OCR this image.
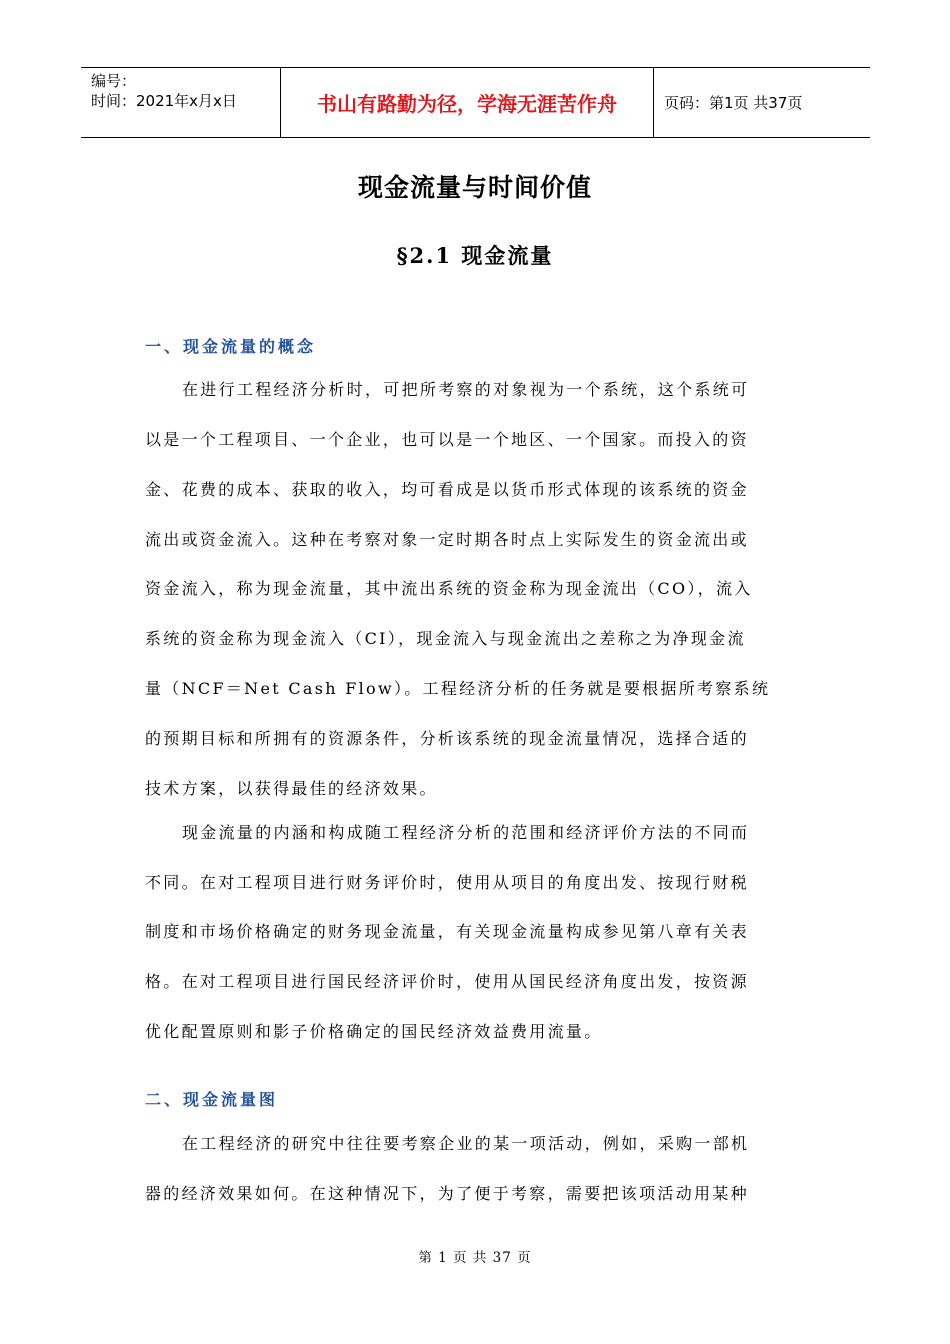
编号：
时间：2021年x月x日	书山有路勤为径，学海无涯苦作舟	页码：第1页 共37页
现金流量与时间价值
§2.1 现金流量
一、现金流量的概念
在进行工程经济分析时，可把所考察的对象视为一个系统，这个系统可
以是一个工程项目、一个企业，也可以是一个地区、一个国家。而投入的资
金、花费的成本、获取的收入，均可看成是以货币形式体现的该系统的资金
流出或资金流入。这种在考察对象一定时期各时点上实际发生的资金流出或
资金流入，称为现金流量，其中流出系统的资金称为现金流出（CO），流入
系统的资金称为现金流入（CI），现金流入与现金流出之差称之为净现金流
量（NCF＝Net Cash Flow）。工程经济分析的任务就是要根据所考察系统
的预期目标和所拥有的资源条件，分析该系统的现金流量情况，选择合适的
技术方案，以获得最佳的经济效果。
现金流量的内涵和构成随工程经济分析的范围和经济评价方法的不同而
不同。在对工程项目进行财务评价时，使用从项目的角度出发、按现行财税
制度和市场价格确定的财务现金流量，有关现金流量构成参见第八章有关表
格。在对工程项目进行国民经济评价时，使用从国民经济角度出发，按资源
优化配置原则和影子价格确定的国民经济效益费用流量。
二、现金流量图
在工程经济的研究中往往要考察企业的某一项活动，例如，采购一部机
器的经济效果如何。在这种情况下，为了便于考察，需要把该项活动用某种
第 1 页 共 37 页
